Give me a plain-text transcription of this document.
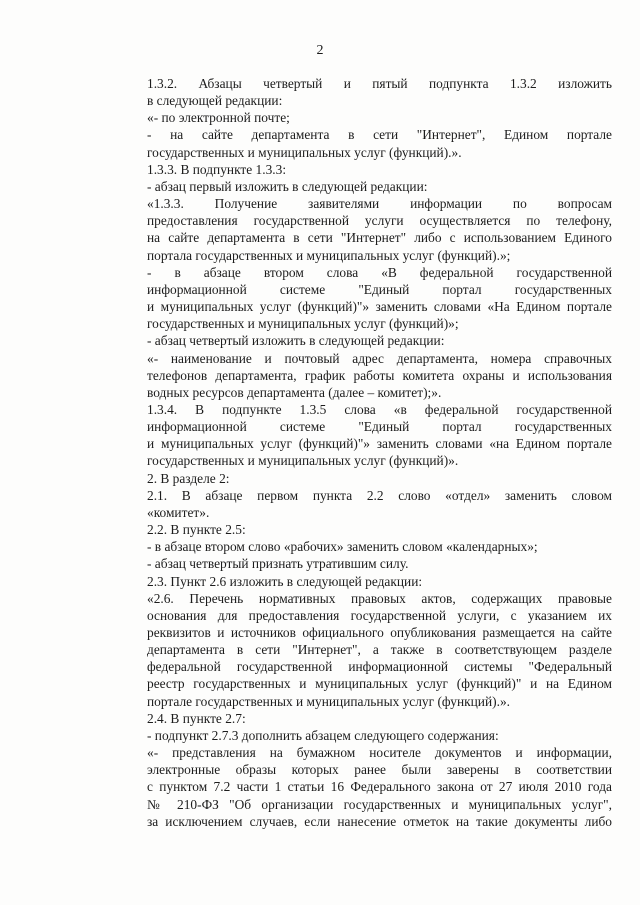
2

1.3.2. Абзацы четвертый и пятый подпункта 1.3.2 изложить
в следующей редакции:

«- по электронной почте;

- на сайте департамента в сети "Интернет", Едином портале
государственных и муниципальных услуг (функций).».

1.3.3. В подпункте 1.3.3:

- абзац первый изложить в следующей редакции:

«1.3.3. Получение заявителями информации по вопросам
предоставления государственной услуги осуществляется по телефону,
на сайте департамента в сети "Интернет" либо с использованием Единого
портала государственных и муниципальных услуг (функций).»;

- в абзаце втором слова «В федеральной государственной
информационной системе "Единый портал государственных
и муниципальных услуг (функций)"» заменить словами «На Едином портале
государственных и муниципальных услуг (функций)»;

- абзац четвертый изложить в следующей редакции:

«- наименование и почтовый адрес департамента, номера справочных
телефонов департамента, график работы комитета охраны и использования
водных ресурсов департамента (далее – комитет);».

1.3.4. В подпункте 1.3.5 слова «в федеральной государственной
информационной системе "Единый портал государственных
и муниципальных услуг (функций)"» заменить словами «на Едином портале
государственных и муниципальных услуг (функций)».

2. В разделе 2:

2.1. В абзаце первом пункта 2.2 слово «отдел» заменить словом
«комитет».

2.2. В пункте 2.5:

- в абзаце втором слово «рабочих» заменить словом «календарных»;

- абзац четвертый признать утратившим силу.

2.3. Пункт 2.6 изложить в следующей редакции:

«2.6. Перечень нормативных правовых актов, содержащих правовые
основания для предоставления государственной услуги, с указанием их
реквизитов и источников официального опубликования размещается на сайте
департамента в сети "Интернет", а также в соответствующем разделе
федеральной государственной информационной системы "Федеральный
реестр государственных и муниципальных услуг (функций)" и на Едином
портале государственных и муниципальных услуг (функций).».

2.4. В пункте 2.7:

- подпункт 2.7.3 дополнить абзацем следующего содержания:

«- представления на бумажном носителе документов и информации,
электронные образы которых ранее были заверены в соответствии
с пунктом 7.2 части 1 статьи 16 Федерального закона от 27 июля 2010 года
№ 210-ФЗ "Об организации государственных и муниципальных услуг",
за исключением случаев, если нанесение отметок на такие документы либо
